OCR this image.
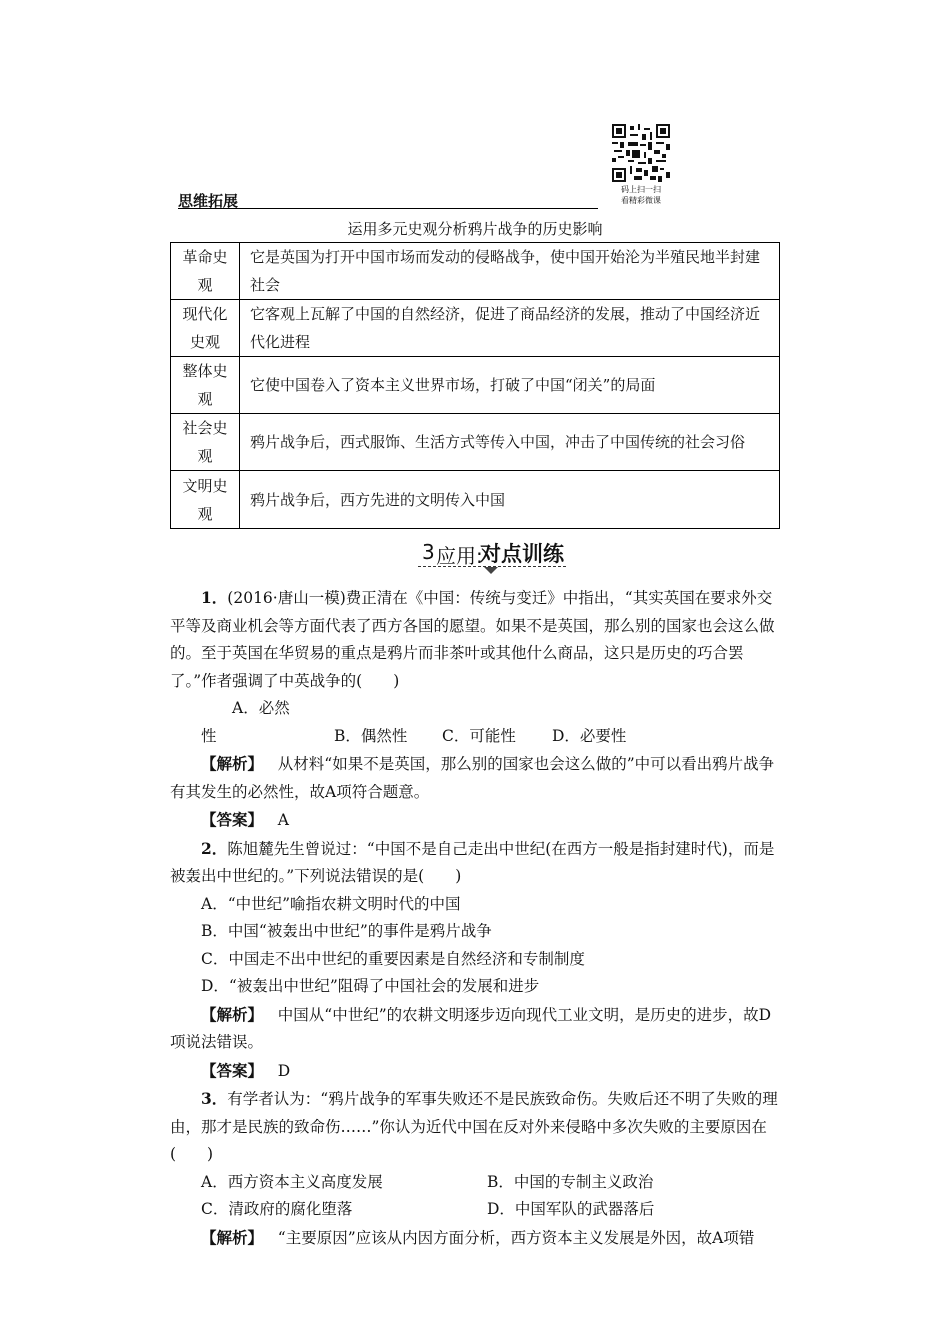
码上扫一扫
看精彩微课
思维拓展
运用多元史观分析鸦片战争的历史影响
革命史观	它是英国为打开中国市场而发动的侵略战争，使中国开始沦为半殖民地半封建社会

现代化史观	它客观上瓦解了中国的自然经济，促进了商品经济的发展，推动了中国经济近代化进程

整体史观	它使中国卷入了资本主义世界市场，打破了中国“闭关”的局面

社会史观	鸦片战争后，西式服饰、生活方式等传入中国，冲击了中国传统的社会习俗

文明史观	鸦片战争后，西方先进的文明传入中国
3 应用:
对点训练

1．(2016·唐山一模)费正清在《中国：传统与变迁》中指出，“其实英国在要求外交平等及商业机会等方面代表了西方各国的愿望。如果不是英国，那么别的国家也会这么做的。至于英国在华贸易的重点是鸦片而非茶叶或其他什么商品，这只是历史的巧合罢了。”作者强调了中英战争的(　　)

A．必然性	B．偶然性 C．可能性 D．必要性

【解析】 从材料“如果不是英国，那么别的国家也会这么做的”中可以看出鸦片战争有其发生的必然性，故A项符合题意。

【答案】 A

2．陈旭麓先生曾说过：“中国不是自己走出中世纪(在西方一般是指封建时代)，而是被轰出中世纪的。”下列说法错误的是(　　)

A．“中世纪”喻指农耕文明时代的中国

B．中国“被轰出中世纪”的事件是鸦片战争

C．中国走不出中世纪的重要因素是自然经济和专制制度

D．“被轰出中世纪”阻碍了中国社会的发展和进步

【解析】 中国从“中世纪”的农耕文明逐步迈向现代工业文明，是历史的进步，故D项说法错误。

【答案】 D

3．有学者认为：“鸦片战争的军事失败还不是民族致命伤。失败后还不明了失败的理由，那才是民族的致命伤……”你认为近代中国在反对外来侵略中多次失败的主要原因在(　　)

A．西方资本主义高度发展	B．中国的专制主义政治

C．清政府的腐化堕落	D．中国军队的武器落后

【解析】 “主要原因”应该从内因方面分析，西方资本主义发展是外因，故A项错
